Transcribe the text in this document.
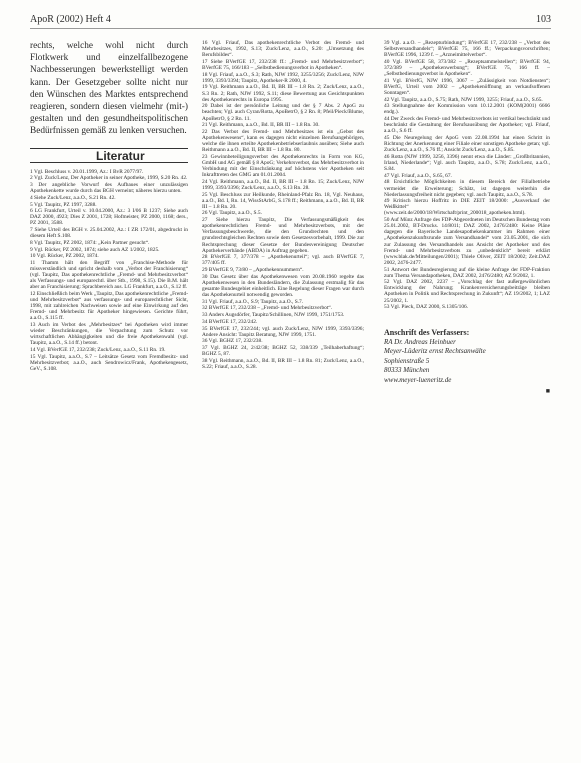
ApoR (2002) Heft 4	103

rechts, welche wohl nicht durch Flotkwerk und einzelfallbezogene Nachbesserungen bewerkstelligt werden kann. Der Gesetzgeber sollte nicht nur den Wünschen des Marktes entsprechend reagieren, sondern diesen vielmehr (mit-) gestalten und den gesundheitspolitischen Bedürfnissen gemäß zu lenken versuchen.

Literatur
1 Vgl. Beschluss v. 20.01.1999, Az.: I BvR 2077/97.
2 Vgl. Zuck/Lenz, Der Apotheker in seiner Apotheke, 1999, S.20 Rn. 42.
3 Der angebliche Vorwurf des Aufbaues einer unzulässigen Apothekenkette wurde durch das BGH verneint; näheres hierzu unten.
4 Siehe Zuck/Lenz, a.a.O., S.21 Rn. 42.
5 Vgl. Taupitz, PZ 1997, 3288.
6 LG Frankfurt, Urteil v. 10.04.2000, Az.: 3 I/06 B 1237; Siehe auch DAZ 2000, 4923; Dies Z 2001, 1728; Hofmeister, PZ 2000, 1168; ders., PZ 2001, 3588.
7 Siehe Urteil des BGH v. 25.04.2002, Az.: I ZR 172/01, abgedruckt in diesem Heft S.108.
8 Vgl. Taupitz, PZ 2002, 1874: „Kein Partner gesucht“.
9 Vgl. Rücker, PZ 2002, 1874; siehe auch AZ 1/2002, 1825.
10 Vgl. Rücker, PZ 2002, 1874.
11 Thamm hält den Begriff von „Franchise-Methode für missverständlich und spricht deshalb vom „Verbot der Franchisierung“ (vgl. Taupitz, Das apothekenrechtliche „Fremd- und Mehrbesitzverbot“ als Verfassungs- und europarechtl. über Stb., 1998, S.15). Die B.M. hält aber an Franchisierung: Sprachbereich aus. LG Frankfurt, a.a.O., S.12 ff.
12 Einschließlich beim Werk „Taupitz, Das apothekenrechtliche „Fremd- und Mehrbesitzverbot“ aus verfassungs- und europarechtlicher Sicht, 1998, mit zahlreichen Nachweisen sowie auf eine Einwirkung auf den Fremd- und Mehrbesitz für Apotheker hingewiesen. Gerichte führt, a.a.O., S.115 ff.
13 Auch im Verbot des „Mehrbesitzes“ bei Apotheken wird immer wieder Beschränkungen, die Verpachtung zum Schutz vor wirtschaftlichen Abhängigkeiten und die freie Apothekenwahl (vgl. Taupitz, a.a.O., S.14 ff.) betont.
14 Vgl. BVerfGE 17, 232/238; Zuck/Lenz, a.a.O., S.11 Rn. 19.
15 Vgl. Taupitz, a.a.O., S.7 – Leitsätze Gesetz vom Fremdbesitz- und Mehrbesitzverbot; a.a.O., auch Sendrowicz/Frank, Apothekengesetz, GeV., S.108.
16 Vgl. Friauf, Das apothekenrechtliche Verbot des Fremd- und Mehrbesitzes, 1992, S.13; Zuck/Lenz, a.a.O., S.20: „Umsetzung des Berufsbildes“.
17 Siehe BVerfGE 17, 232/238 ff.: „Fremd- und Mehrbesitzverbot“; BVerfGE 75, 166/183 – „Selbstbedienungsverbot in Apotheken“.
18 Vgl. Friauf, a.a.O., S.3; Rath, NJW 1992, 3255/3256; Zuck/Lenz, NJW 1999, 3393/3394; Taupitz, Apotheker-R 2000, 4.
19 Vgl. Reithmann a.a.O., Bd. II, BR III – 1.8 Rn. 2; Zuck/Lenz, a.a.O., S.3 Rn. 2; Rath, NJW 1992, S.11; diese Bewertung aus Gesichtspunkten des Apothekenrechts in Europa 1995.
20 Dabei ist der persönliche Leitung und der § 7 Abs. 2 ApoG zu beachten; Vgl. auch Cyran/Rotta, ApoBetrO, § 2 Rn. 8; Pfeil/Pieck/Blume, ApoBetrO, § 2 Rn. 11.
21 Vgl. Reithmann, a.a.O., Bd. II, BR III – 1.8 Rn. 30.
22 Das Verbot des Fremd- und Mehrbesitzes ist ein „Gebot des Apothekenwesens“, kann es dagegen nicht einzelnen Berufsangehörigen, welche die ihnen erteilte Apothekenbetriebserlaubnis ausüben; Siehe auch Reithmann a.a.O., Bd. II, BR III – 1.8 Rn. 80.
23 Gewinnbeteiligungsverbot des Apothekenrechts in Form von KG, GmbH und AG gemäß § 8 ApoG; Verkehrsverbot, das Mehrbesitzverbot in Verbindung mit der Einschränkung auf höchstens vier Apotheken seit Inkrafttreten des GMG am 01.01.2004.
24 Vgl. Reithmann, a.a.O., Bd. II, BR III – 1.8 Rn. 15; Zuck/Lenz, NJW 1999, 3393/3396; Zuck/Lenz, a.a.O., S.13 Rn. 28.
25 Vgl. Beschluss zur Heilkunde, Rheinland-Pfalz Rn. 18, Vgl. Neuhaus, a.a.O., Bd. I, Rn. 14, WissStArbG, S.178 ff.; Reithmann, a.a.O., Bd. II, BR III – 1.8 Rn. 20.
26 Vgl. Taupitz, a.a.O., S.5.
27 Siehe hierzu Taupitz, Die Verfassungsmäßigkeit des apothekenrechtlichen Fremd- und Mehrbesitzverbots, mit der Verfassungsbeschwerde, die den Grundrechten und den grundrechtsgleichen Rechten sowie dem Gesetzesvorbehalt, 1999. Die zur Rechtsprechung dieser Gesetze der Bundesvereinigung Deutscher Apothekerverbände (ABDA) in Auftrag gegeben.
28 BVerfGE 7, 377/378 – „Apothekenurteil“; vgl. auch BVerfGE 7, 377/405 ff.
29 BVerfGE 9, 73/80 – „Apothekennummern“.
30 Das Gesetz über das Apothekenwesen vom 20.08.1960 regelte das Apothekenwesen in den Bundesländern, die Zulassung erstmalig für das gesamte Bundesgebiet einheitlich. Eine Regelung dieser Fragen war durch das Apothekenurteil notwendig geworden.
31 Vgl. Friauf, a.a.O., S.9; Taupitz, a.a.O., S.7.
32 BVerfGE 17, 232/238 – „Fremd- und Mehrbesitzverbot“.
33 Anders Augsdörfer, Taupitz/Schillinen, NJW 1999, 1751/1753.
34 BVerfGE 17, 232/242.
35 BVerfGE 17, 232/244; vgl. auch Zuck/Lenz, NJW 1999, 3393/3396; Andere Ansicht: Taupitz Beratung, NJW 1999, 1751.
36 Vgl. BGHZ 17, 232/238.
37 Vgl. BGHZ 24, 2/42/38; BGHZ 52, 338/339 „Teilhaberhaftung“; BGHZ 5, 87.
38 Vgl. Reithmann, a.a.O., Bd. II, BR III – 1.8 Rn. 81; Zuck/Lenz, a.a.O., S.22; Friauf, a.a.O., S.28.
39 Vgl. a.a.O. – „Rezepturbindung“; BVerfGE 17, 232/238 – „Verbot des Selbstversandhandels“; BVerfGE 75, 166 ff.; Verpackungsvorschriften; BVerfGE 1996, 1239 f. – „Arzneimittelverbot“.
40 Vgl. BVerfGE 58, 373/382 – „Rezeptsammelstellen“; BVerfGE 94, 372/389 – „Apothekenwerbung“; BVerfGE 75, 166 ff. – „Selbstbedienungsverbot in Apotheken“.
41 Vgl. BVerfG, NJW 1996, 3067 – „Zulässigkeit von Notdiensten“; BVerfG, Urteil vom 2002 – „Apothekenöffnung an verkaufsoffenen Sonntagen“.
42 Vgl. Taupitz, a.a.O., S.75; Rath, NJW 1999, 3255; Friauf, a.a.O., S.65.
43 Stellungnahme der Kommission vom 10.12.2001 (KOM(2001) 6666 endg.).
44 Der Zweck des Fremd- und Mehrbesitzverbots ist vertikal beschränkt und beschränkt die Gestaltung der Berufsausübung der Apotheker; vgl. Friauf, a.a.O., S.6 ff.
45 Die Neuregelung der ApoG vom 22.08.1994 hat einen Schritt in Richtung der Anerkennung einer Filiale einer sonstigen Apotheke getan; vgl. Zuck/Lenz, a.a.O., S.76 ff.; Ansicht Zuck/Lenz, a.a.O., S.85.
46 Rotta (NJW 1999, 3256, 3396) nennt etwa die Länder: „Großbritannien, Irland, Niederlande“; Vgl. auch Taupitz, a.a.O., S.78; Zuck/Lenz, a.a.O., S.84.
47 Vgl. Friauf, a.a.O., S.65, 67.
48 Ersichtliche Möglichkeiten in diesem Bereich der Filialbetriebe vermeidet die Erweiterung; Schätz, ist dagegen weiterhin die Niederlassungsfreiheit nicht gegeben; vgl. auch Taupitz, a.a.O., S.78.
49 Kritisch hierzu Hoffritz in DIE ZEIT 18/2000: „Ausverkauf der Weißkittel“ (www.zeit.de/2000/18/Wirtschaft/print_200018_apotheken.html).
50 Auf Münz Anfrage des FDP-Abgeordneten im Deutschen Bundestag vom 25.01.2002, BT-Drucks. 14/8011; DAZ 2002, 2476/2480: Keine Pläne dagegen die Bayerische Landesapothekenkammer im Rahmen einer „Apothekenzukunftsrunde zum Versandhandel“ vom 23.05.2001, die sich zur Zulassung des Versandhandels aus Ansicht der Apotheker und des Fremd- und Mehrbesitzverbots zu „unbedenklich“ bereit erklärt (www.blak.de/Mitteilungen/2001); Thiele Oliver, ZEIT 18/2002; Zeit.DAZ 2002, 2476-2477.
51 Antwort der Bundesregierung auf die kleine Anfrage der FDP-Fraktion zum Thema Versandapotheken, DAZ 2002, 2476/2480; AZ 9/2002, 1.
52 Vgl. DAZ 2002, 2237 – „Vorschlag der fast außergewöhnlichen Entwicklung der Nahrung; Krankenversicherungsbeiträge bleiben Apotheken in Politik und Rechtsprechung in Zukunft“; AZ 19/2002, 1; LAZ 25/2002, 1.
53 Vgl. Pieck, DAZ 2000, S.1305/106.
Anschrift des Verfassers:
RA Dr. Andreas Heinbuer
Meyer-Lüderitz ernst Rechtsanwälte
Sophienstraße 5
80333 München
www.meyer-lueneritz.de
■
